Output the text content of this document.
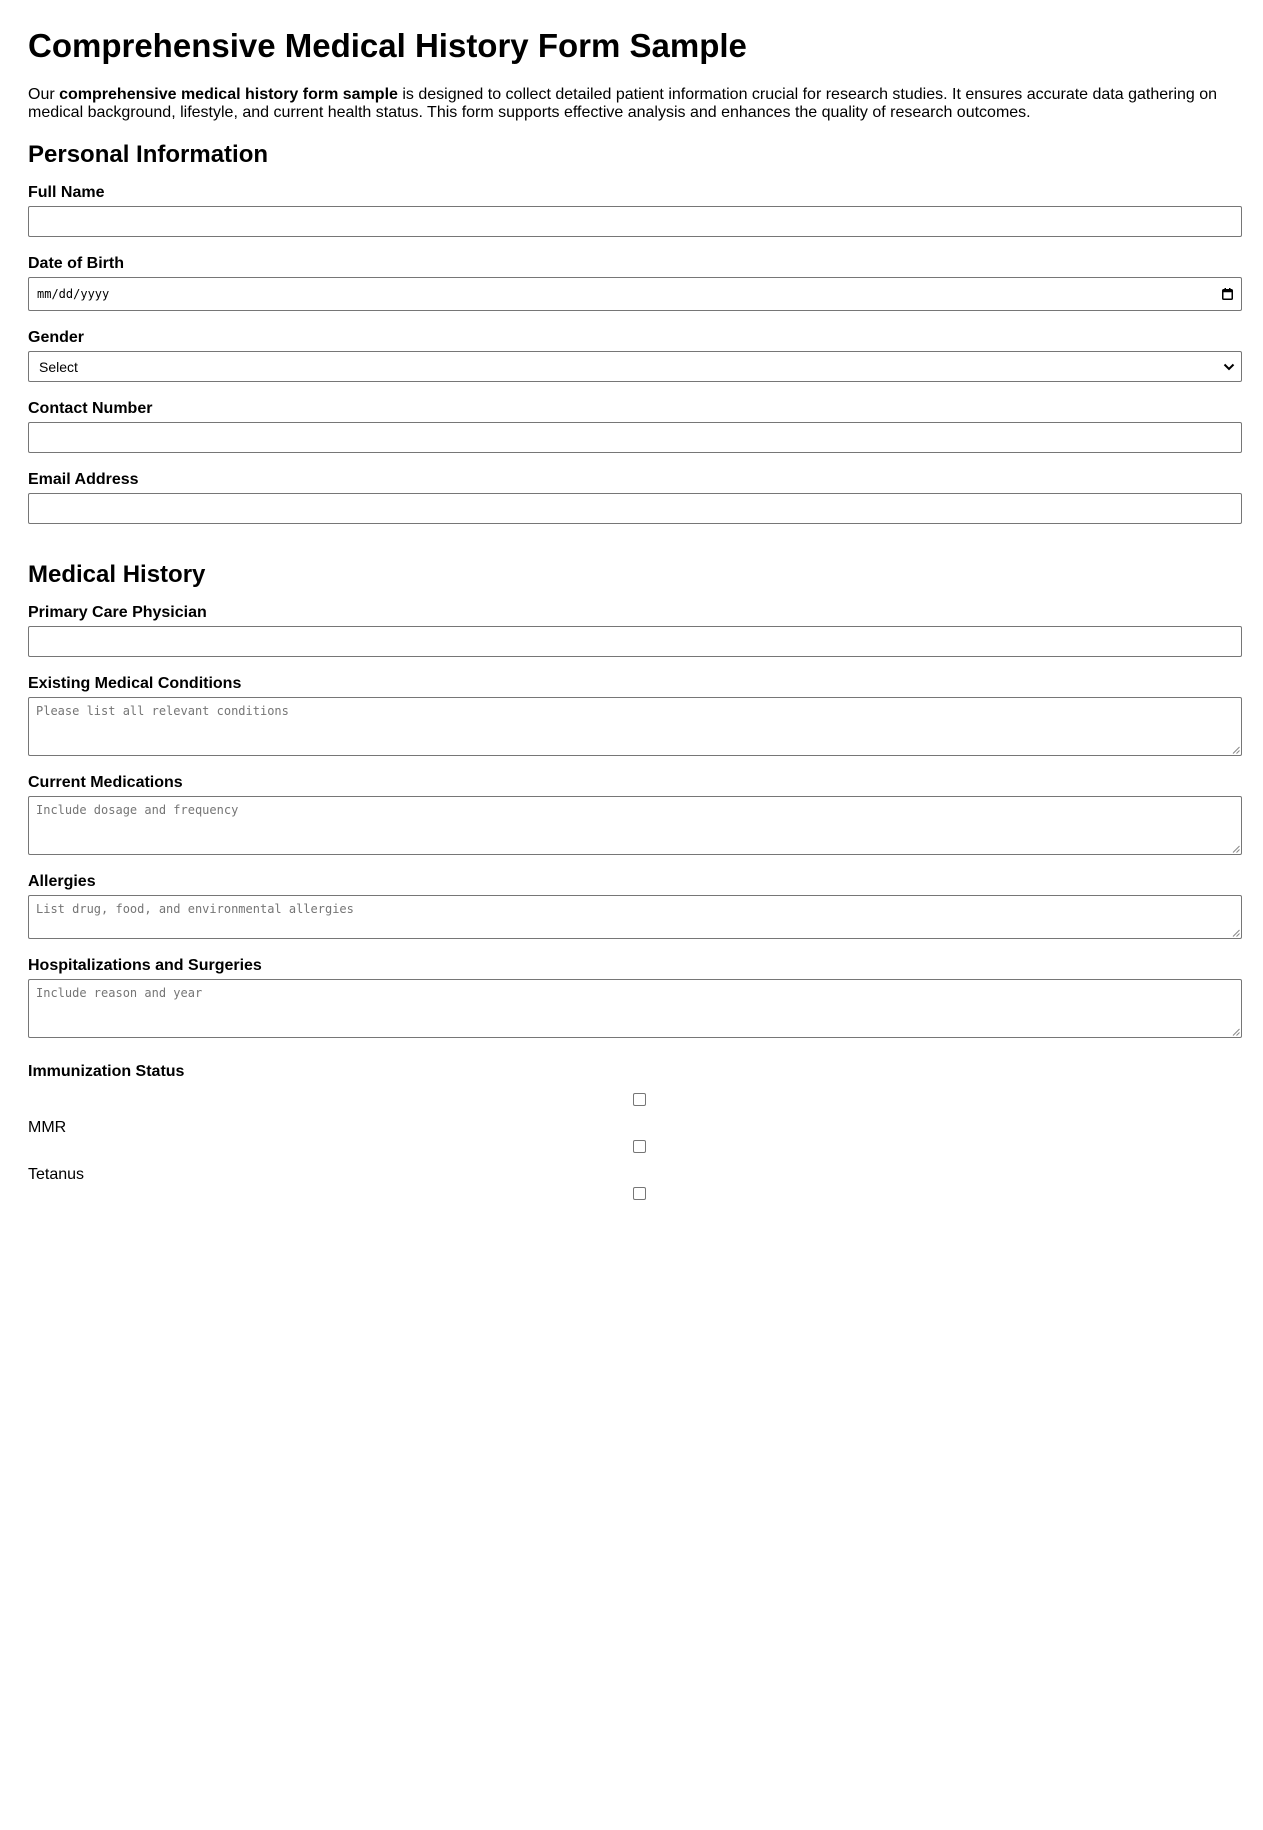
Comprehensive Medical History Form Sample

Our comprehensive medical history form sample is designed to collect detailed patient information crucial for research studies. It ensures accurate data gathering on medical background, lifestyle, and current health status. This form supports effective analysis and enhances the quality of research outcomes.

Personal Information
Full Name
Date of Birth
mm/dd/yyyy
Gender
Select
Contact Number
Email Address
Medical History
Primary Care Physician
Existing Medical Conditions
Please list all relevant conditions
Current Medications
Include dosage and frequency
Allergies
List drug, food, and environmental allergies
Hospitalizations and Surgeries
Include reason and year
Immunization Status
MMR
Tetanus
